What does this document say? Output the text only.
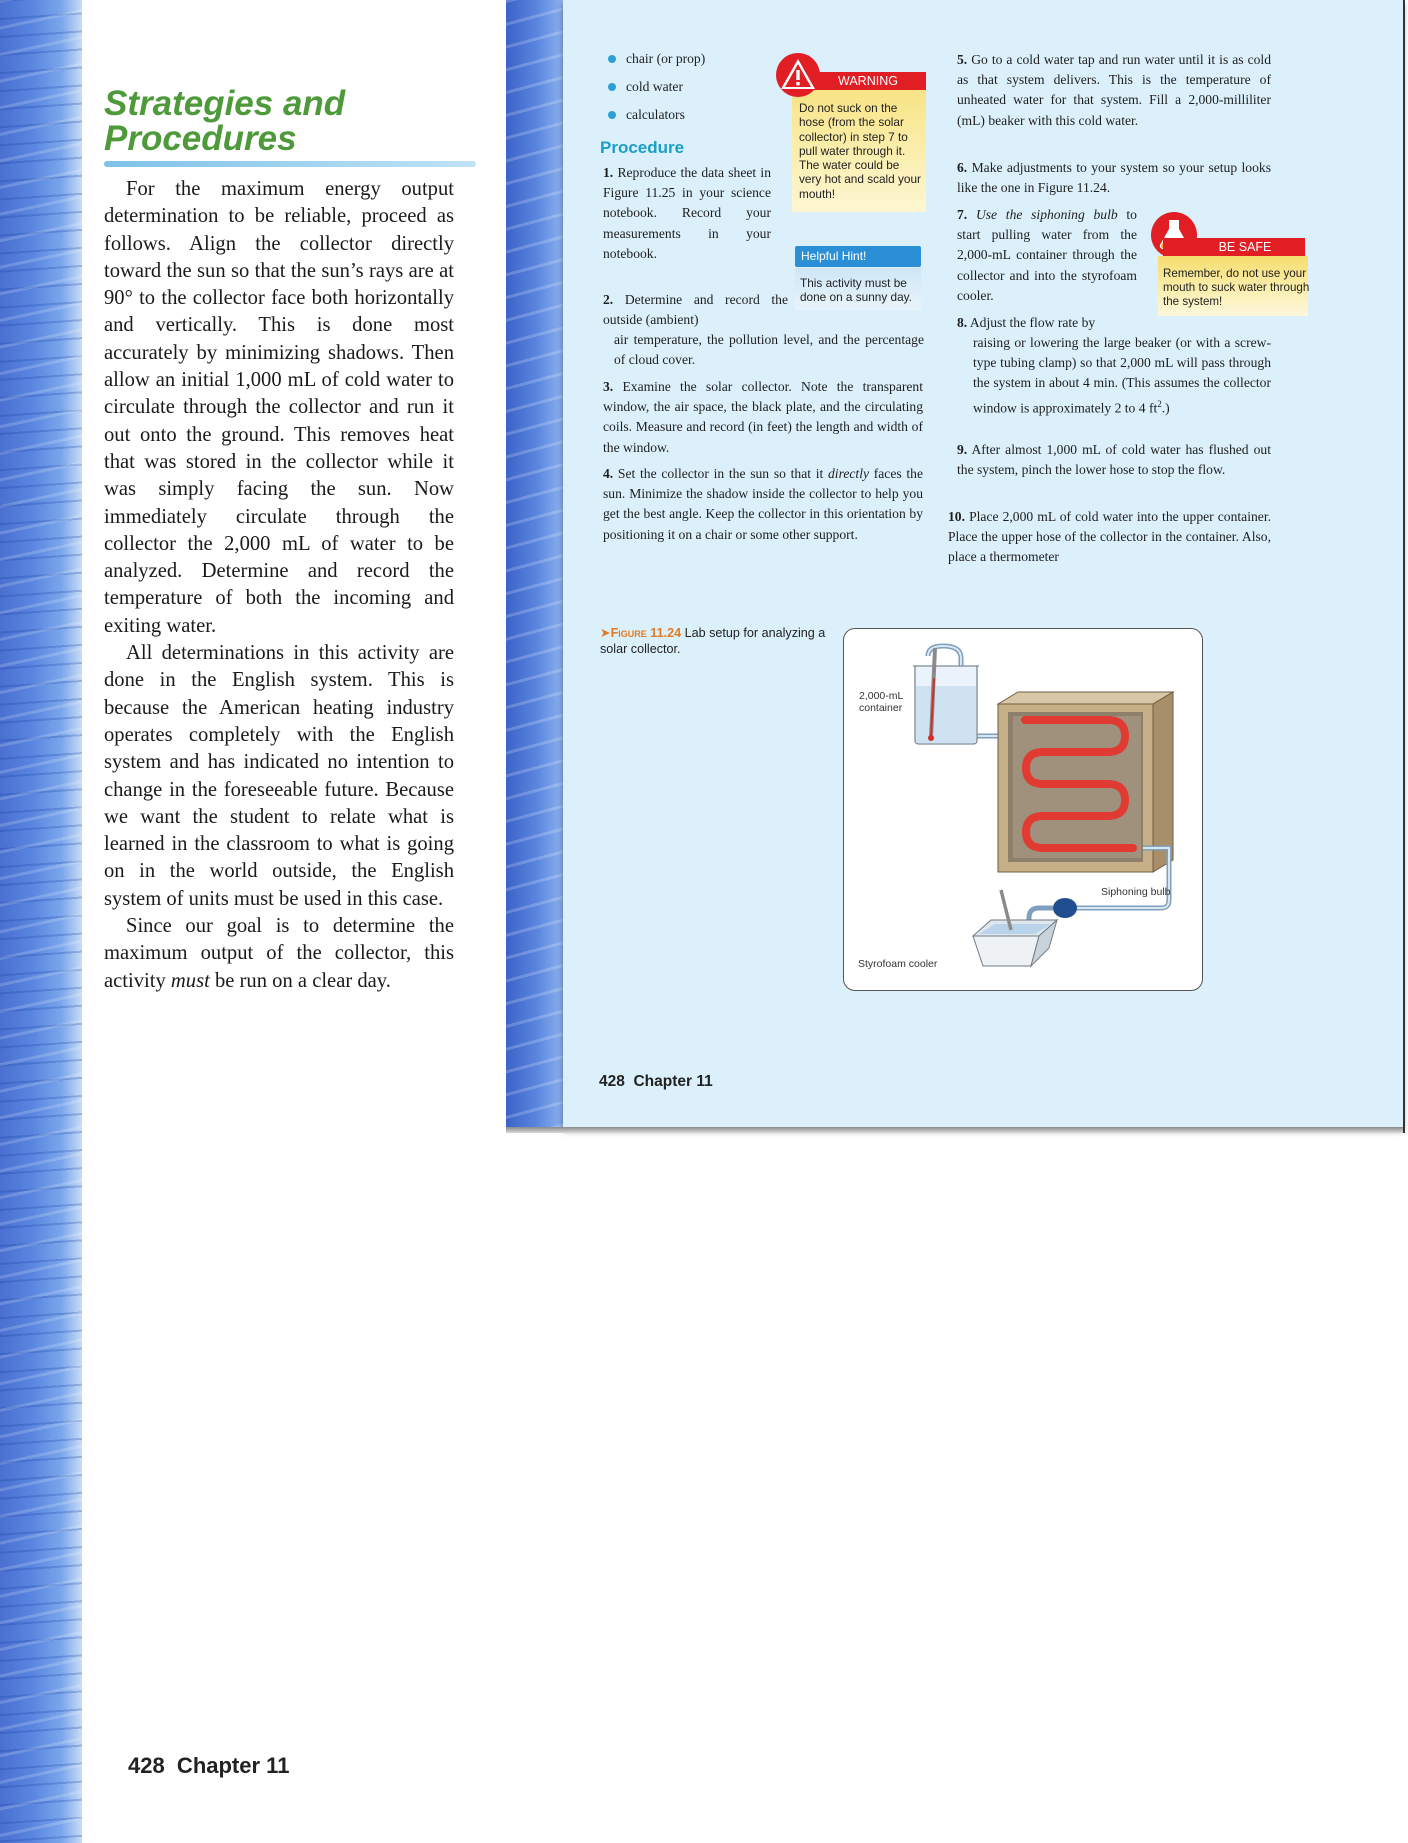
Strategies and
Procedures

For the maximum energy output determination to be reliable, proceed as follows. Align the collector directly toward the sun so that the sun’s rays are at 90° to the collector face both horizontally and vertically. This is done most accurately by minimizing shadows. Then allow an initial 1,000 mL of cold water to circulate through the collector and run it out onto the ground. This removes heat that was stored in the collector while it was simply facing the sun. Now immediately circulate through the collector the 2,000 mL of water to be analyzed. Determine and record the temperature of both the incoming and exiting water.

All determinations in this activity are done in the English system. This is because the American heating industry operates completely with the English system and has indicated no intention to change in the foreseeable future. Because we want the student to relate what is learned in the classroom to what is going on in the world outside, the English system of units must be used in this case.

Since our goal is to determine the maximum output of the collector, this activity must be run on a clear day.

428  Chapter 11
chair (or prop)
cold water
calculators
Procedure
WARNING
Do not suck on the hose (from the solar collector) in step 7 to pull water through it. The water could be very hot and scald your mouth!
1. Reproduce the data sheet in Figure 11.25 in your science notebook. Record your measurements in your notebook.	Helpful Hint!
This activity must be done on a sunny day.
2. Determine and record the outside (ambient)
air temperature, the pollution level, and the percentage of cloud cover.
3. Examine the solar collector. Note the transparent window, the air space, the black plate, and the circulating coils. Measure and record (in feet) the length and width of the window.
4. Set the collector in the sun so that it directly faces the sun. Minimize the shadow inside the collector to help you get the best angle. Keep the collector in this orientation by positioning it on a chair or some other support.
5. Go to a cold water tap and run water until it is as cold as that system delivers. This is the temperature of unheated water for that system. Fill a 2,000-milliliter (mL) beaker with this cold water.
6. Make adjustments to your system so your setup looks like the one in Figure 11.24.
7. Use the siphoning bulb to start pulling water from the 2,000-mL container through the collector and into the styrofoam cooler.
BE SAFE
Remember, do not use your mouth to suck water through the system!
8. Adjust the flow rate by
raising or lowering the large beaker (or with a screw-type tubing clamp) so that 2,000 mL will pass through the system in about 4 min. (This assumes the collector window is approximately 2 to 4 $ft^2$.)
9. After almost 1,000 mL of cold water has flushed out the system, pinch the lower hose to stop the flow.
10. Place 2,000 mL of cold water into the upper container. Place the upper hose of the collector in the container. Also, place a thermometer
➤Figure 11.24 Lab setup for analyzing a solar collector.
2,000-mL
container
Siphoning bulb
Styrofoam cooler
428  Chapter 11
